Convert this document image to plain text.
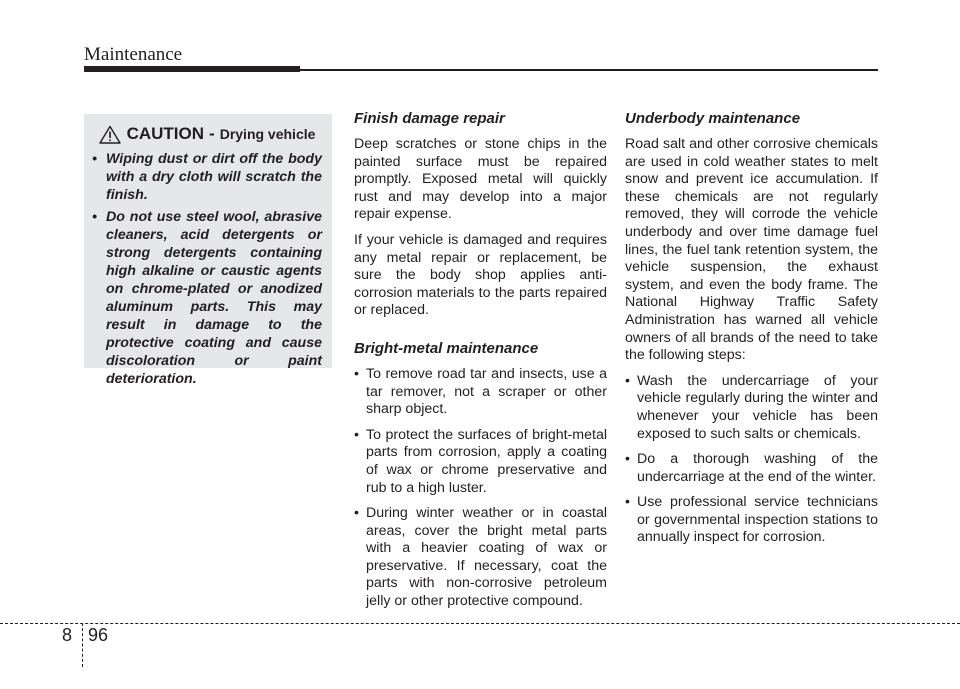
Maintenance
CAUTION - Drying vehicle
• Wiping dust or dirt off the body with a dry cloth will scratch the finish.
• Do not use steel wool, abrasive cleaners, acid detergents or strong detergents containing high alkaline or caustic agents on chrome-plated or anodized aluminum parts. This may result in damage to the protective coating and cause discoloration or paint deterioration.
Finish damage repair

Deep scratches or stone chips in the painted surface must be repaired promptly. Exposed metal will quickly rust and may develop into a major repair expense.

If your vehicle is damaged and requires any metal repair or replacement, be sure the body shop applies anti-corrosion materials to the parts repaired or replaced.

Bright-metal maintenance
• To remove road tar and insects, use a tar remover, not a scraper or other sharp object.
• To protect the surfaces of bright-metal parts from corrosion, apply a coating of wax or chrome preservative and rub to a high luster.
• During winter weather or in coastal areas, cover the bright metal parts with a heavier coating of wax or preservative. If necessary, coat the parts with non-corrosive petroleum jelly or other protective compound.
Underbody maintenance

Road salt and other corrosive chemicals are used in cold weather states to melt snow and prevent ice accumulation. If these chemicals are not regularly removed, they will corrode the vehicle underbody and over time damage fuel lines, the fuel tank retention system, the vehicle suspension, the exhaust system, and even the body frame. The National Highway Traffic Safety Administration has warned all vehicle owners of all brands of the need to take the following steps:

• Wash the undercarriage of your vehicle regularly during the winter and whenever your vehicle has been exposed to such salts or chemicals.
• Do a thorough washing of the undercarriage at the end of the winter.
• Use professional service technicians or governmental inspection stations to annually inspect for corrosion.
8 96
